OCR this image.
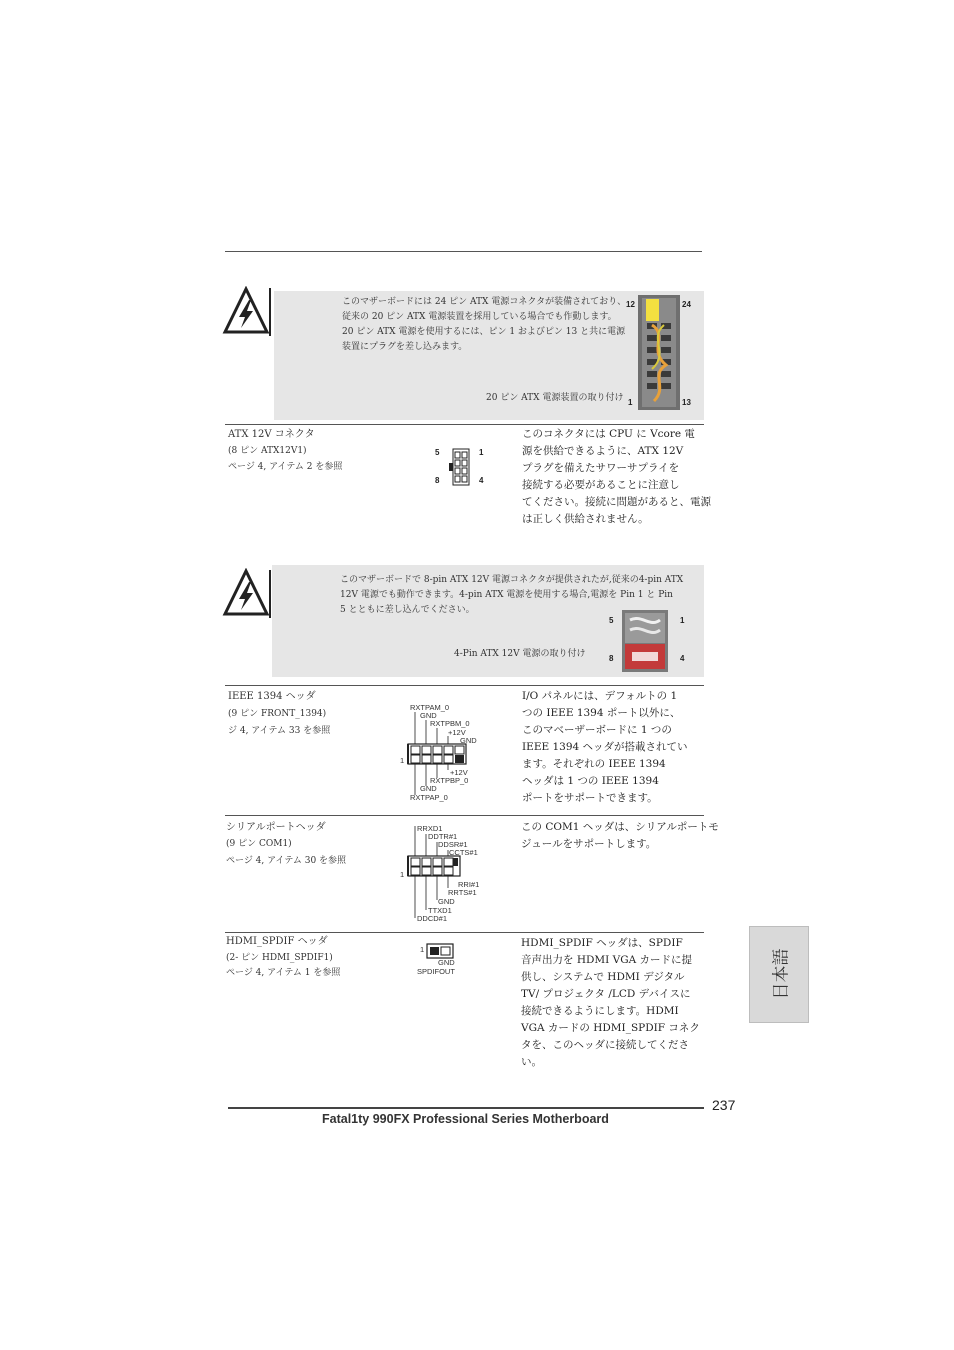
このマザーボードには 24 ピン ATX 電源コネクタが装備されており、
従来の 20 ピン ATX 電源装置を採用している場合でも作動します。
20 ピン ATX 電源を使用するには、ピン 1 およびピン 13 と共に電源
装置にプラグを差し込みます。
20 ピン ATX 電源装置の取り付け
12	24
1	13
ATX 12V コネクタ
(8 ピン ATX12V1)
ページ 4, アイテム 2 を参照
5	1
8	4
このコネクタには CPU に Vcore 電
源を供給できるように、ATX 12V
プラグを備えたサワーサプライを
接続する必要があることに注意し
てください。接続に問題があると、電源
は正しく供給されません。
このマザーボードで 8-pin ATX 12V 電源コネクタが提供されたが,従来の4-pin ATX
12V 電源でも動作できます。4-pin ATX 電源を使用する場合,電源を Pin 1 と Pin
5 とともに差し込んでください。
4-Pin ATX 12V 電源の取り付け
5	1
8	4
IEEE 1394 ヘッダ
(9 ピン FRONT_1394)
ジ 4, アイテム 33 を参照
RXTPAM_0
GND
RXTPBM_0
+12V
GND
1
+12V
RXTPBP_0
GND
RXTPAP_0
I/O パネルには、デフォルトの 1
つの IEEE 1394 ポート以外に、
このマベーザーボードに 1 つの
IEEE 1394 ヘッダが搭載されてい
ます。それぞれの IEEE 1394
ヘッダは 1 つの IEEE 1394
ポートをサポートできます。
シリアルポートヘッダ
(9 ピン COM1)
ページ 4, アイテム 30 を参照
RRXD1
DDTR#1
DDSR#1
CCTS#1
1
RRI#1
RRTS#1
GND
TTXD1
DDCD#1
この COM1 ヘッダは、シリアルポートモ
ジュールをサポートします。
HDMI_SPDIF ヘッダ
(2- ピン HDMI_SPDIF1)
ページ 4, アイテム 1 を参照
1
GND
SPDIFOUT
HDMI_SPDIF ヘッダは、SPDIF
音声出力を HDMI VGA カードに提
供し、システムで HDMI デジタル
TV/ プロジェクタ /LCD デバイスに
接続できるようにします。HDMI
VGA カードの HDMI_SPDIF コネク
タを、このヘッダに接続してくださ
い。
日本語
237
Fatal1ty 990FX Professional Series Motherboard
